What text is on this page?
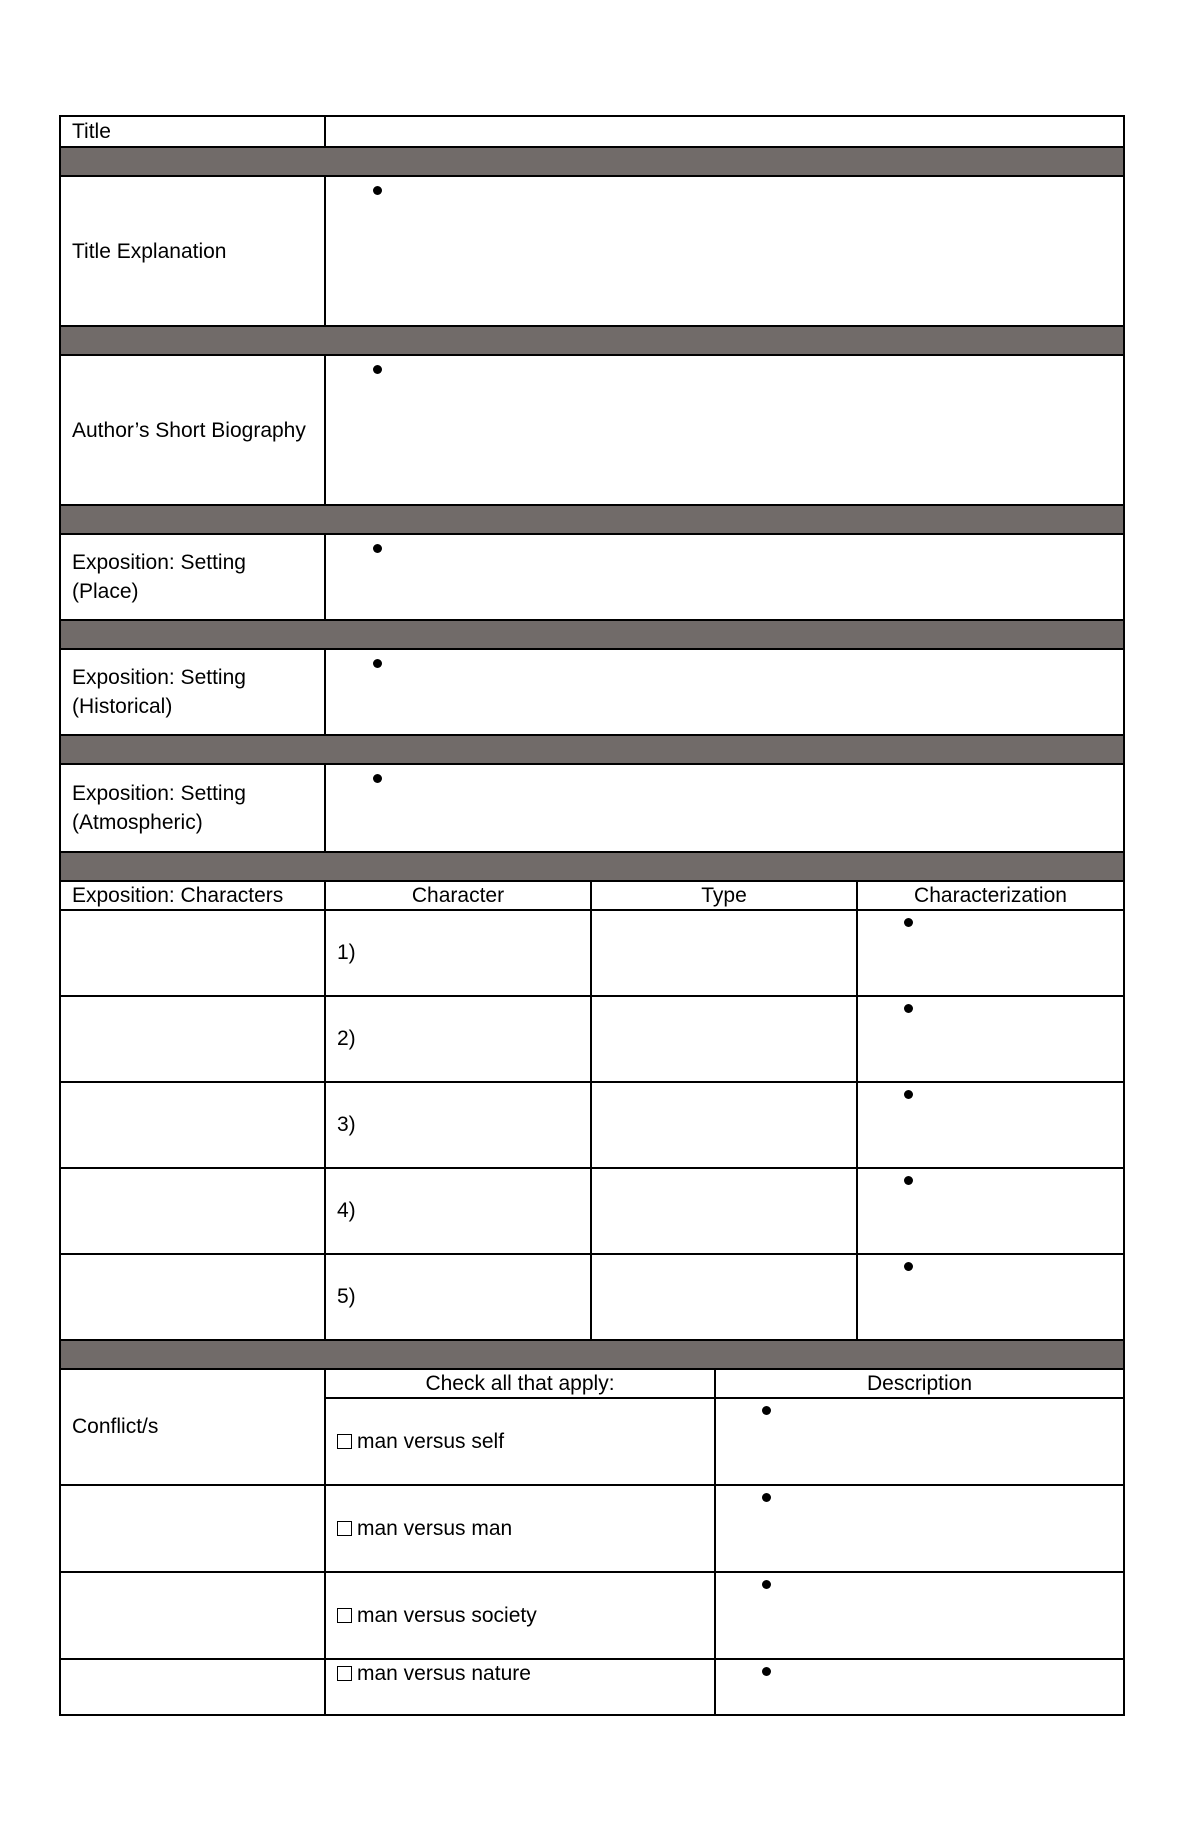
Title	

Title Explanation	

Author’s Short Biography	

Exposition: Setting
(Place)	

Exposition: Setting
(Historical)	

Exposition: Setting
(Atmospheric)	

Exposition: Characters	Character	Type	Characterization
	1)		

	2)		

	3)		

	4)		

	5)		

Conflict/s	Check all that apply:	Description
	man versus self	

	man versus man	

	man versus society	

	man versus nature	
